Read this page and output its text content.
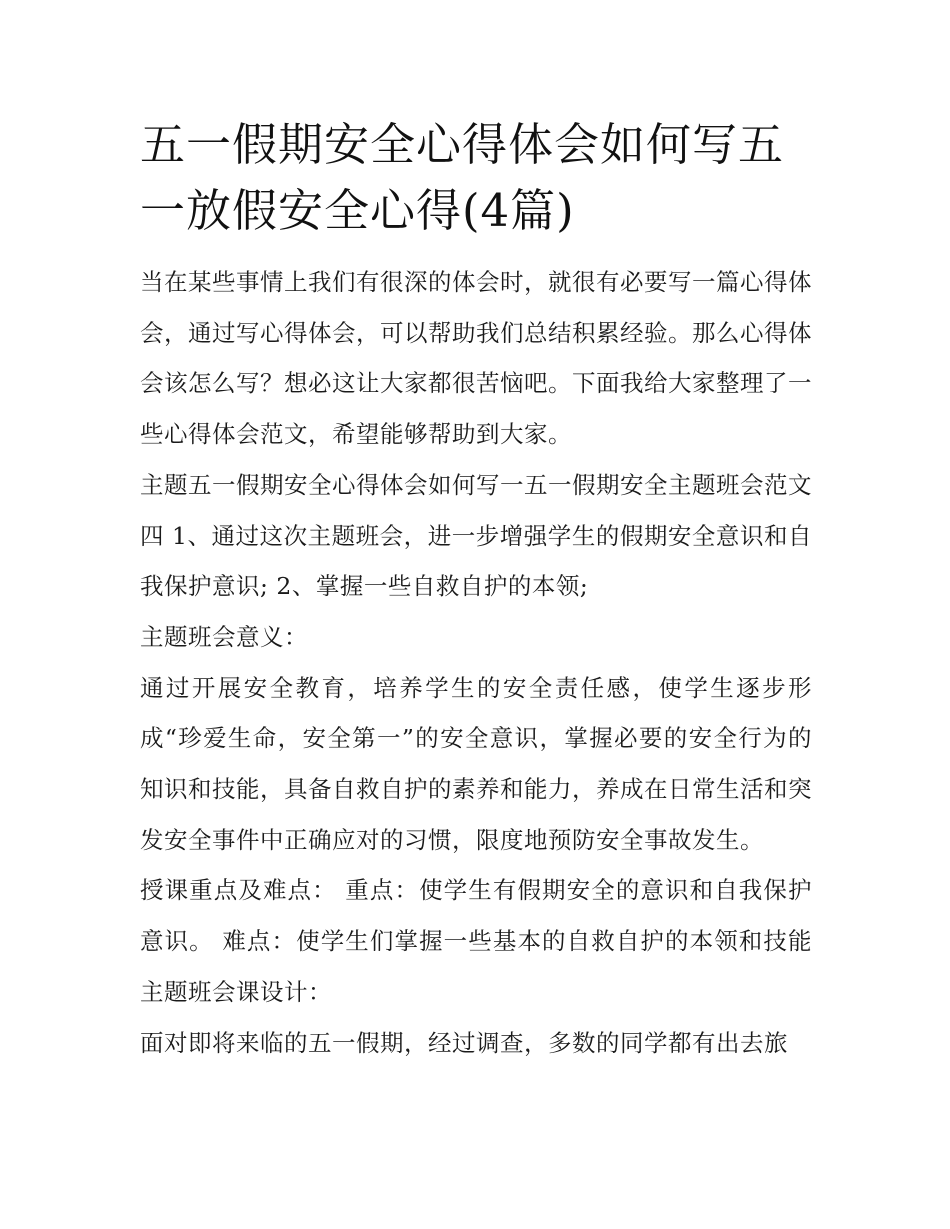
五一假期安全心得体会如何写五一放假安全心得(4篇)

当在某些事情上我们有很深的体会时，就很有必要写一篇心得体会，通过写心得体会，可以帮助我们总结积累经验。那么心得体会该怎么写？想必这让大家都很苦恼吧。下面我给大家整理了一些心得体会范文，希望能够帮助到大家。

主题五一假期安全心得体会如何写一五一假期安全主题班会范文四 1、通过这次主题班会，进一步增强学生的假期安全意识和自我保护意识; 2、掌握一些自救自护的本领;

主题班会意义：

通过开展安全教育，培养学生的安全责任感，使学生逐步形成“珍爱生命，安全第一”的安全意识，掌握必要的安全行为的知识和技能，具备自救自护的素养和能力，养成在日常生活和突发安全事件中正确应对的习惯，限度地预防安全事故发生。

授课重点及难点： 重点：使学生有假期安全的意识和自我保护意识。 难点：使学生们掌握一些基本的自救自护的本领和技能 主题班会课设计：

面对即将来临的五一假期，经过调查，多数的同学都有出去旅
